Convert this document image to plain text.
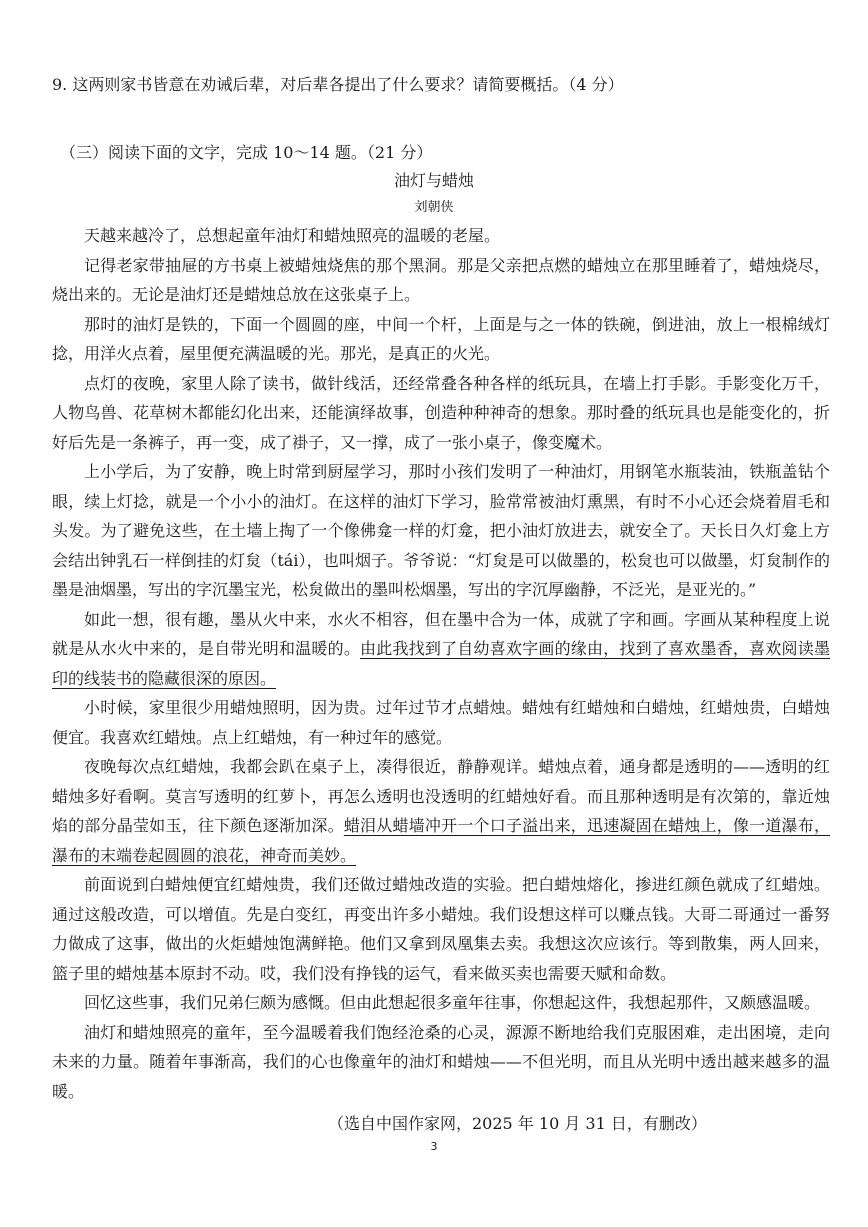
9. 这两则家书皆意在劝诫后辈，对后辈各提出了什么要求？请简要概括。（4 分）
（三）阅读下面的文字，完成 10～14 题。（21 分）
油灯与蜡烛
刘朝侠

天越来越冷了，总想起童年油灯和蜡烛照亮的温暖的老屋。

记得老家带抽屉的方书桌上被蜡烛烧焦的那个黑洞。那是父亲把点燃的蜡烛立在那里睡着了，蜡烛烧尽，烧出来的。无论是油灯还是蜡烛总放在这张桌子上。

那时的油灯是铁的，下面一个圆圆的座，中间一个杆，上面是与之一体的铁碗，倒进油，放上一根棉绒灯捻，用洋火点着，屋里便充满温暖的光。那光，是真正的火光。

点灯的夜晚，家里人除了读书，做针线活，还经常叠各种各样的纸玩具，在墙上打手影。手影变化万千，人物鸟兽、花草树木都能幻化出来，还能演绎故事，创造种种神奇的想象。那时叠的纸玩具也是能变化的，折好后先是一条裤子，再一变，成了褂子，又一撑，成了一张小桌子，像变魔术。

上小学后，为了安静，晚上时常到厨屋学习，那时小孩们发明了一种油灯，用钢笔水瓶装油，铁瓶盖钻个眼，续上灯捻，就是一个小小的油灯。在这样的油灯下学习，脸常常被油灯熏黑，有时不小心还会烧着眉毛和头发。为了避免这些，在土墙上掏了一个像佛龛一样的灯龛，把小油灯放进去，就安全了。天长日久灯龛上方会结出钟乳石一样倒挂的灯炱（tái），也叫烟子。爷爷说：“灯炱是可以做墨的，松炱也可以做墨，灯炱制作的墨是油烟墨，写出的字沉墨宝光，松炱做出的墨叫松烟墨，写出的字沉厚幽静，不泛光，是亚光的。”

如此一想，很有趣，墨从火中来，水火不相容，但在墨中合为一体，成就了字和画。字画从某种程度上说就是从水火中来的，是自带光明和温暖的。由此我找到了自幼喜欢字画的缘由，找到了喜欢墨香，喜欢阅读墨印的线装书的隐藏很深的原因。

小时候，家里很少用蜡烛照明，因为贵。过年过节才点蜡烛。蜡烛有红蜡烛和白蜡烛，红蜡烛贵，白蜡烛便宜。我喜欢红蜡烛。点上红蜡烛，有一种过年的感觉。

夜晚每次点红蜡烛，我都会趴在桌子上，凑得很近，静静观详。蜡烛点着，通身都是透明的——透明的红蜡烛多好看啊。莫言写透明的红萝卜，再怎么透明也没透明的红蜡烛好看。而且那种透明是有次第的，靠近烛焰的部分晶莹如玉，往下颜色逐渐加深。蜡泪从蜡墙冲开一个口子溢出来，迅速凝固在蜡烛上，像一道瀑布，瀑布的末端卷起圆圆的浪花，神奇而美妙。

前面说到白蜡烛便宜红蜡烛贵，我们还做过蜡烛改造的实验。把白蜡烛熔化，掺进红颜色就成了红蜡烛。通过这般改造，可以增值。先是白变红，再变出许多小蜡烛。我们设想这样可以赚点钱。大哥二哥通过一番努力做成了这事，做出的火炬蜡烛饱满鲜艳。他们又拿到凤凰集去卖。我想这次应该行。等到散集，两人回来，篮子里的蜡烛基本原封不动。哎，我们没有挣钱的运气，看来做买卖也需要天赋和命数。

回忆这些事，我们兄弟仨颇为感慨。但由此想起很多童年往事，你想起这件，我想起那件，又颇感温暖。

油灯和蜡烛照亮的童年，至今温暖着我们饱经沧桑的心灵，源源不断地给我们克服困难，走出困境，走向未来的力量。随着年事渐高，我们的心也像童年的油灯和蜡烛——不但光明，而且从光明中透出越来越多的温暖。

（选自中国作家网，2025 年 10 月 31 日，有删改）
3
